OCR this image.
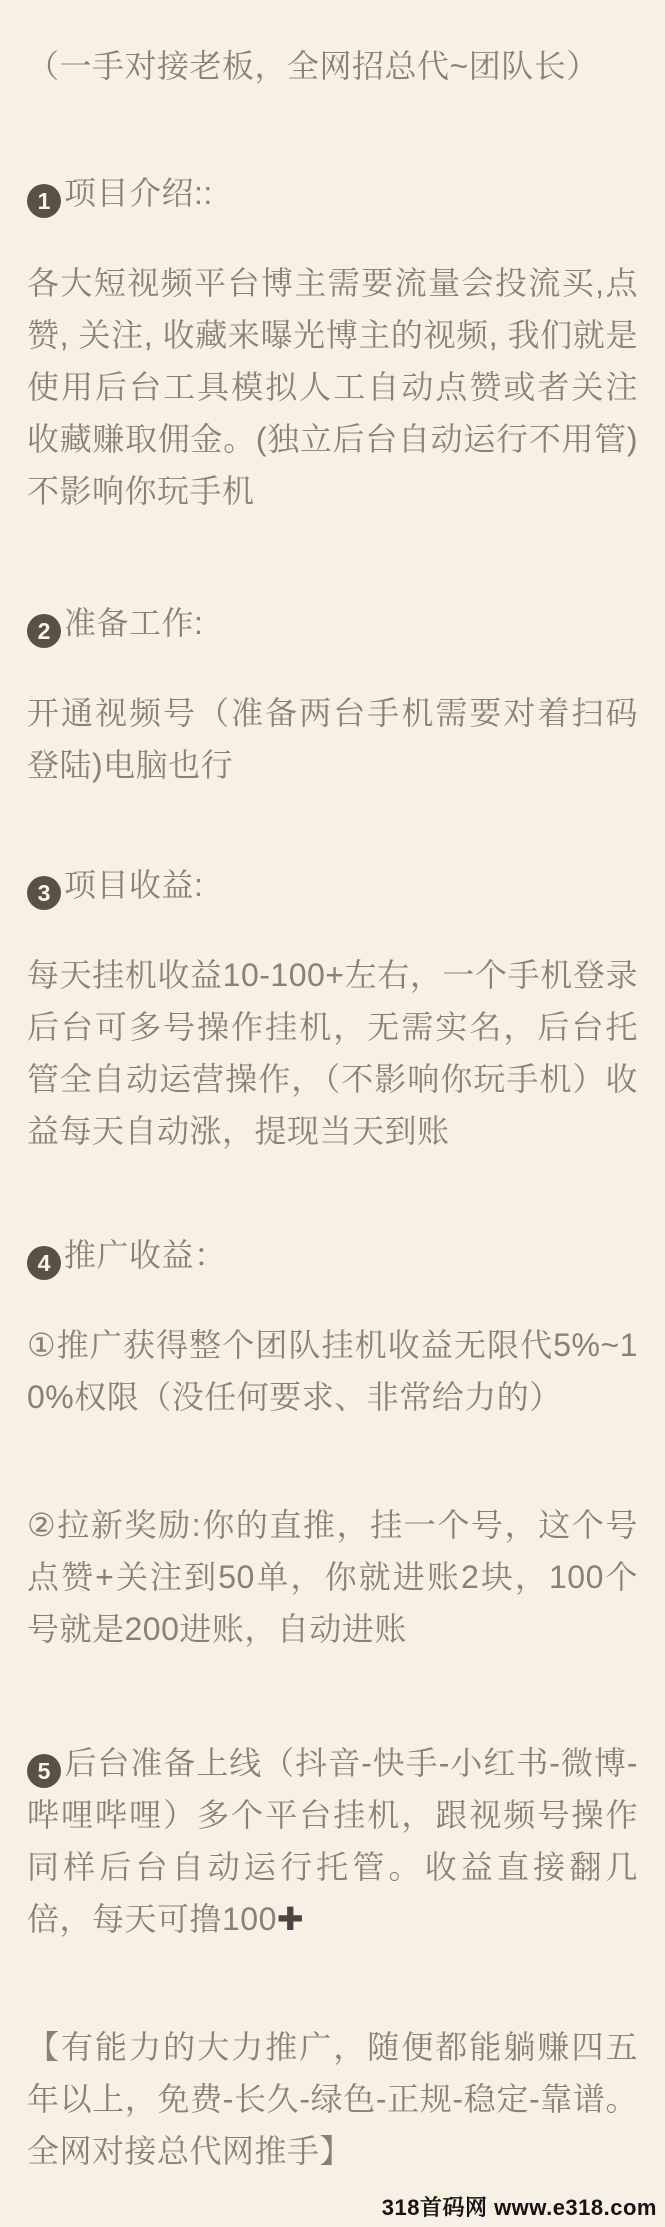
（一手对接老板，全网招总代~团队长）

1 项目介绍::

各大短视频平台博主需要流量会投流买,点赞, 关注, 收藏来曝光博主的视频, 我们就是使用后台工具模拟人工自动点赞或者关注收藏赚取佣金。(独立后台自动运行不用管)不影响你玩手机

2 准备工作:

开通视频号（准备两台手机需要对着扫码登陆)电脑也行

3 项目收益:

每天挂机收益10-100+左右，一个手机登录后台可多号操作挂机，无需实名，后台托管全自动运营操作，（不影响你玩手机）收益每天自动涨，提现当天到账

4 推广收益：

①推广获得整个团队挂机收益无限代5%~10%权限（没任何要求、非常给力的）

②拉新奖励:你的直推，挂一个号，这个号点赞+关注到50单，你就进账2块，100个号就是200进账，自动进账

5 后台准备上线（抖音-快手-小红书-微博-哔哩哔哩）多个平台挂机，跟视频号操作同样后台自动运行托管。收益直接翻几倍，每天可撸100✚

【有能力的大力推广，随便都能躺赚四五年以上，免费-长久-绿色-正规-稳定-靠谱。全网对接总代网推手】

318首码网 www.e318.com
